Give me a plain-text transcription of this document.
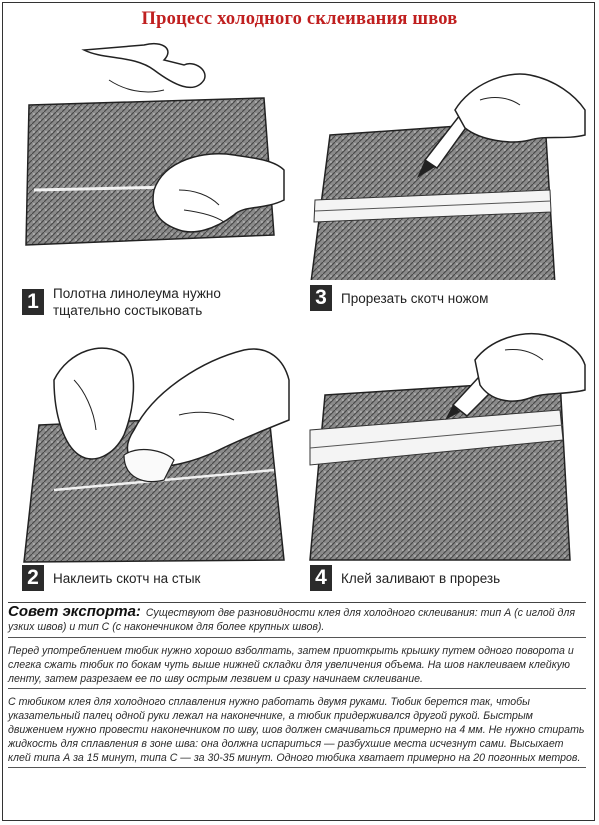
Процесс холодного склеивания швов
1	Полотна линолеума нужно
тщательно состыковать
3	Прорезать скотч ножом
2	Наклеить скотч на стык	4	Клей заливают в прорезь
Совет экспорта: Существуют две разновидности клея для холодного склеивания: тип А (с иглой для узких швов) и тип С (с наконечником для более крупных швов).
Перед употреблением тюбик нужно хорошо взболтать, затем приоткрыть крышку путем одного поворота и слегка сжать тюбик по бокам чуть выше нижней складки для увеличения объема. На шов наклеиваем клейкую ленту, затем разрезаем ее по шву острым лезвием и сразу начинаем склеивание.
С тюбиком клея для холодного сплавления нужно работать двумя руками. Тюбик берется так, чтобы указательный палец одной руки лежал на наконечнике, а тюбик придерживался другой рукой. Быстрым движением нужно провести наконечником по шву, шов должен смачиваться примерно на 4 мм. Не нужно стирать жидкость для сплавления в зоне шва: она должна испариться — разбухшие места исчезнут сами. Высыхает клей типа А за 15 минут, типа С — за 30-35 минут. Одного тюбика хватает примерно на 20 погонных метров.
